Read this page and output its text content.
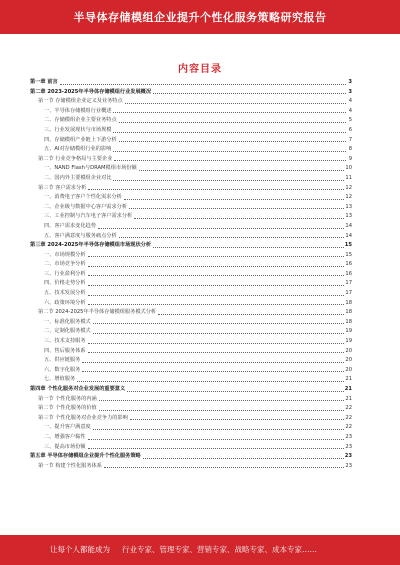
半导体存储模组企业提升个性化服务策略研究报告
内容目录
第一章 前言	3
第二章 2023-2025年半导体存储模组行业发展概况	3
第一节 存储模组企业定义及业务特点	4
一、半导体存储模组行业概述	4
二、存储模组企业主要业务特点	5
三、行业发展现状与市场规模	6
四、存储模组产业链上下游分析	7
五、AI对存储模组行业的影响	8
第二节 行业竞争格局与主要企业	9
一、NAND Flash与DRAM模组市场份额	10
二、国内外主要模组企业对比	11
第三节 客户需求分析	12
一、消费电子客户个性化需求分析	12
二、企业级与数据中心客户需求分析	13
三、工业控制与汽车电子客户需求分析	13
四、客户需求变化趋势	14
五、客户满意度与服务痛点分析	14
第三章 2024-2025年半导体存储模组市场现状分析	15
一、市场规模分析	15
二、市场竞争分析	16
三、行业盈利分析	16
四、价格走势分析	17
五、技术发展分析	17
六、政策环境分析	18
第二节 2024-2025年半导体存储模组服务模式分析	18
一、标准化服务模式	18
二、定制化服务模式	19
三、技术支持服务	19
四、售后服务体系	20
五、供应链服务	20
六、数字化服务	20
七、增值服务	21
第四章 个性化服务对企业发展的重要意义	21
第一节 个性化服务的内涵	21
第二节 个性化服务的价值	22
第三节 个性化服务对企业竞争力的影响	22
一、提升客户满意度	22
二、增强客户黏性	23
三、提高市场份额	23
第五章 半导体存储模组企业提升个性化服务策略	23
第一节 构建个性化服务体系	23
让每个人都能成为 行业专家、管理专家、营销专家、战略专家、成本专家……
